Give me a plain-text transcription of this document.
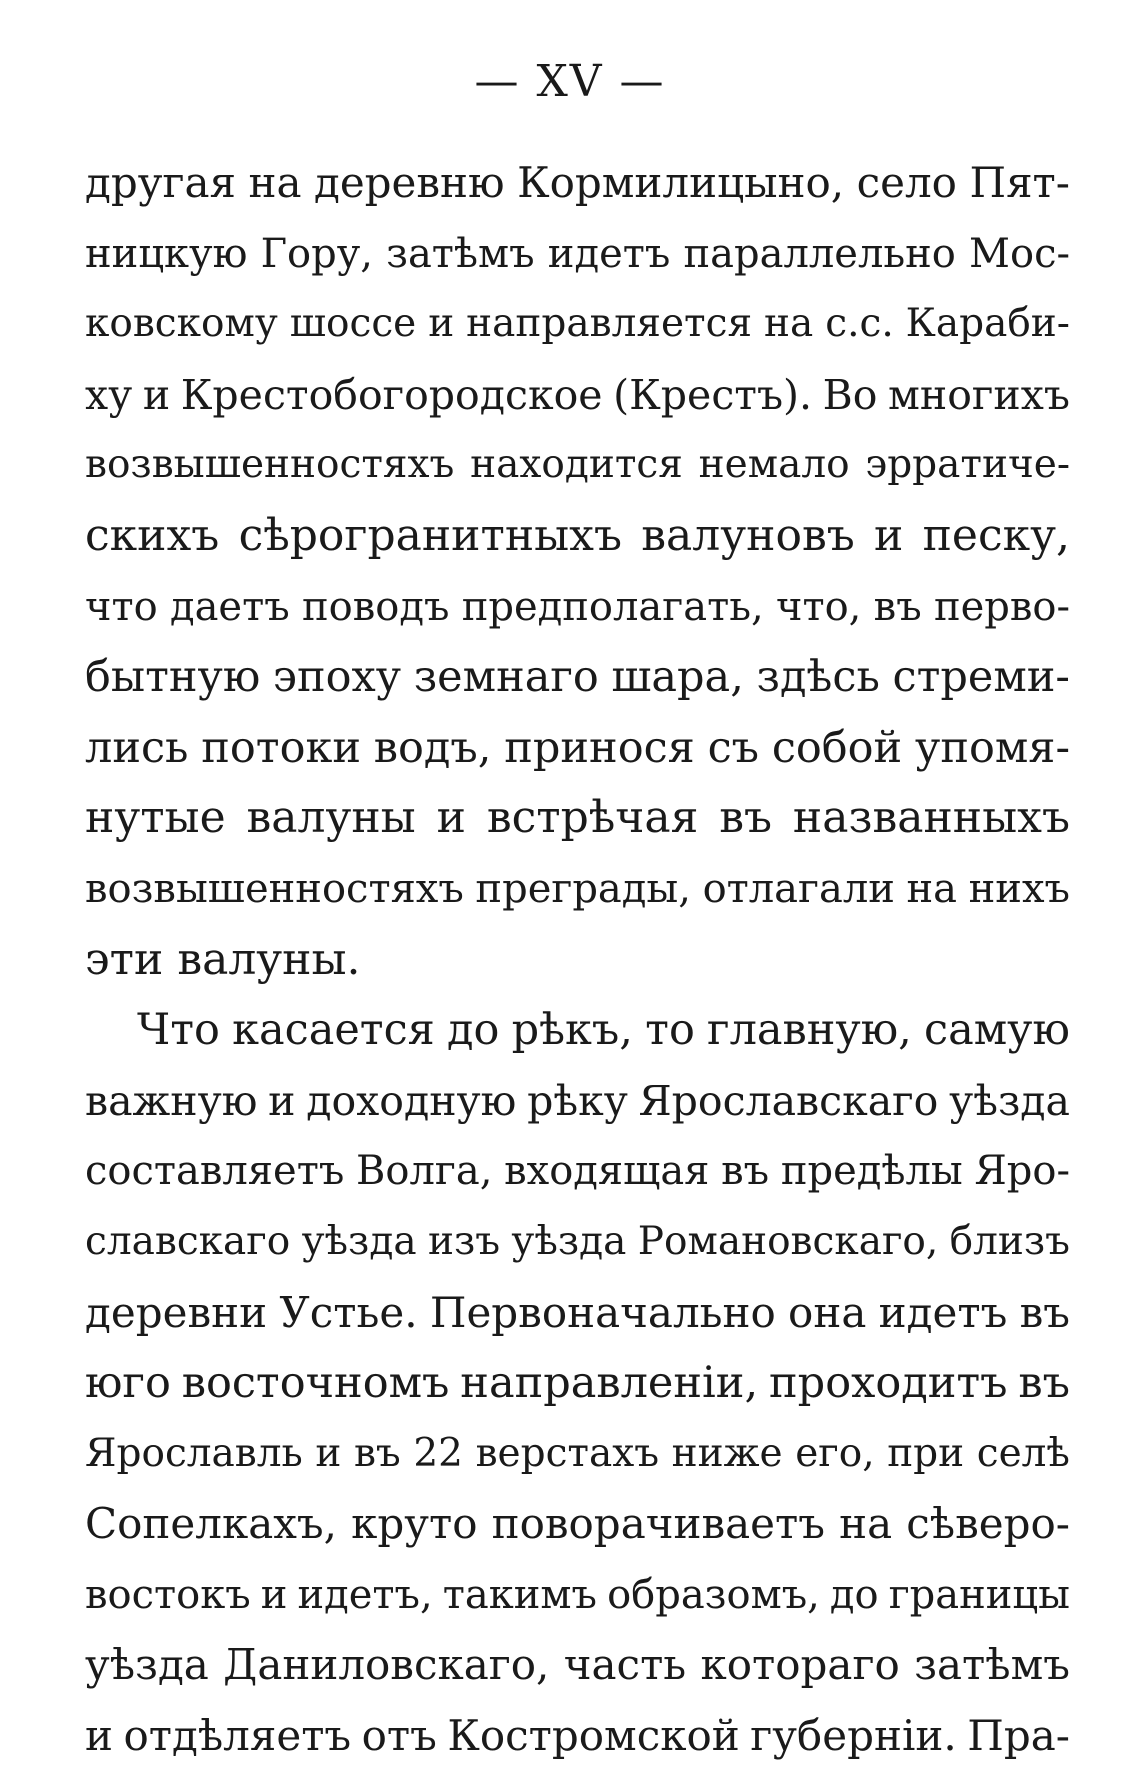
— XV —
другая на деревню Кормилицыно, село Пят-
ницкую Гору, затѣмъ идетъ параллельно Мос-
ковскому шоссе и направляется на с.с. Караби-
ху и Крестобогородское (Крестъ). Во многихъ
возвышенностяхъ находится немало эрратиче-
скихъ сѣрогранитныхъ валуновъ и песку,
что даетъ поводъ предполагать, что, въ перво-
бытную эпоху земнаго шара, здѣсь стреми-
лись потоки водъ, принося съ собой упомя-
нутые валуны и встрѣчая въ названныхъ
возвышенностяхъ преграды, отлагали на нихъ
эти валуны.
Что касается до рѣкъ, то главную, самую
важную и доходную рѣку Ярославскаго уѣзда
составляетъ Волга, входящая въ предѣлы Яро-
славскаго уѣзда изъ уѣзда Романовскаго, близъ
деревни Устье. Первоначально она идетъ въ
юго восточномъ направленіи, проходитъ въ
Ярославль и въ 22 верстахъ ниже его, при селѣ
Сопелкахъ, круто поворачиваетъ на сѣверо-
востокъ и идетъ, такимъ образомъ, до границы
уѣзда Даниловскаго, часть котораго затѣмъ
и отдѣляетъ отъ Костромской губерніи. Пра-
